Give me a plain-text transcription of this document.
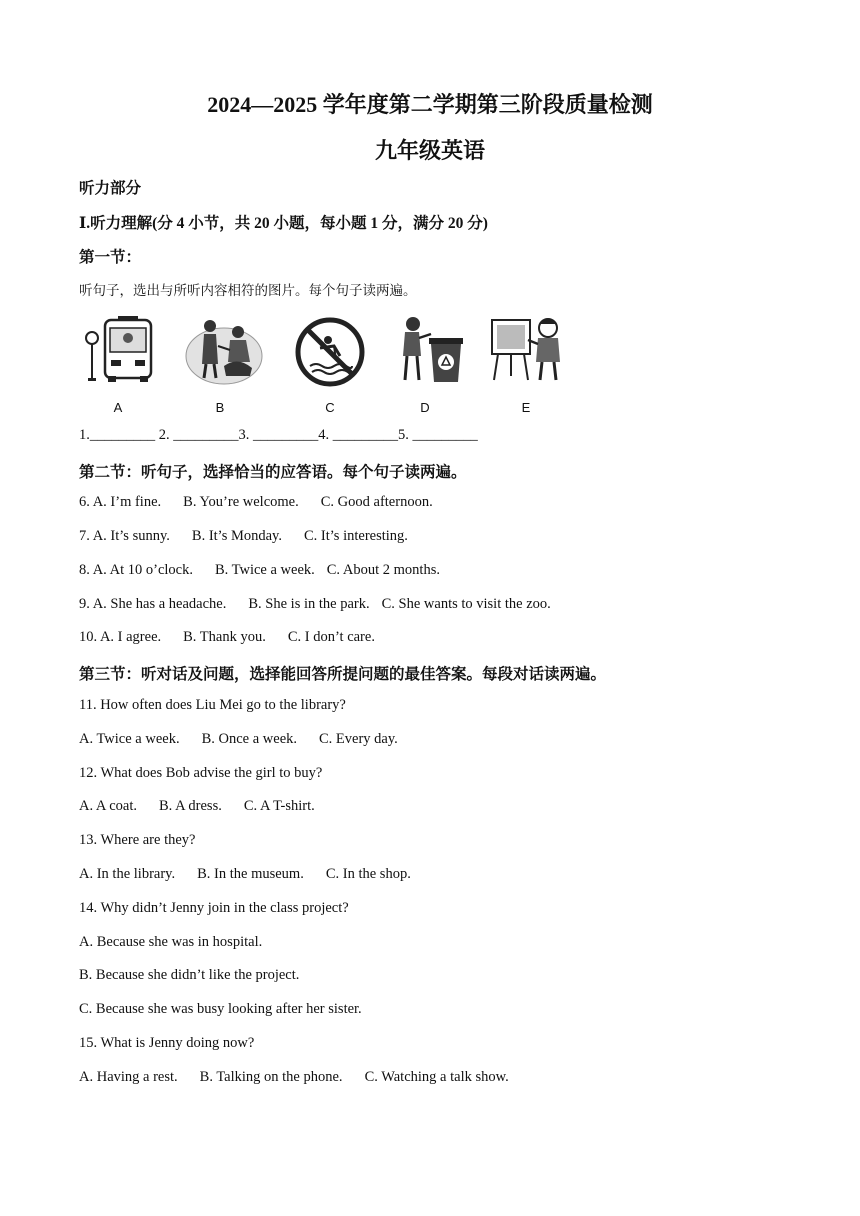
2024—2025 学年度第二学期第三阶段质量检测
九年级英语
听力部分
Ⅰ.听力理解(分 4 小节，共 20 小题，每小题 1 分，满分 20 分)
第一节：
听句子，选出与所听内容相符的图片。每个句子读两遍。
A	B	C	D	E
1._________ 2. _________3. _________4. _________5. _________
第二节：听句子，选择恰当的应答语。每个句子读两遍。
6. A. I’m fine. B. You’re welcome. C. Good afternoon.
7. A. It’s sunny. B. It’s Monday. C. It’s interesting.
8. A. At 10 o’clock. B. Twice a week. C. About 2 months.
9. A. She has a headache. B. She is in the park. C. She wants to visit the zoo.
10. A. I agree. B. Thank you. C. I don’t care.
第三节：听对话及问题，选择能回答所提问题的最佳答案。每段对话读两遍。
11. How often does Liu Mei go to the library?
A. Twice a week. B. Once a week. C. Every day.
12. What does Bob advise the girl to buy?
A. A coat. B. A dress. C. A T-shirt.
13. Where are they?
A. In the library. B. In the museum. C. In the shop.
14. Why didn’t Jenny join in the class project?
A. Because she was in hospital.
B. Because she didn’t like the project.
C. Because she was busy looking after her sister.
15. What is Jenny doing now?
A. Having a rest. B. Talking on the phone. C. Watching a talk show.
